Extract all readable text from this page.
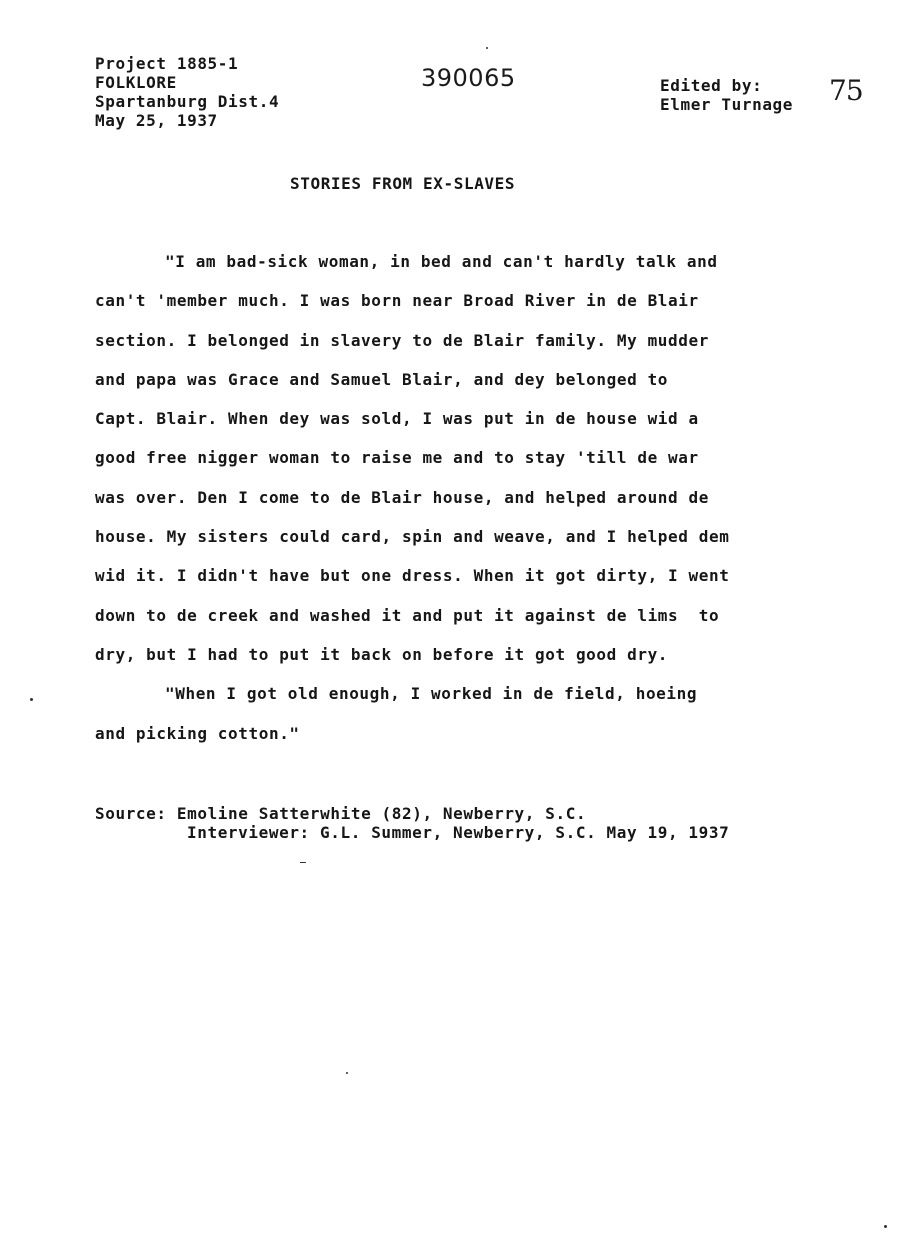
Project 1885-1
FOLKLORE
Spartanburg Dist.4
May 25, 1937
390065	Edited by:
Elmer Turnage 75
STORIES FROM EX-SLAVES
"I am bad-sick woman, in bed and can't hardly talk and
can't 'member much. I was born near Broad River in de Blair
section. I belonged in slavery to de Blair family. My mudder
and papa was Grace and Samuel Blair, and dey belonged to
Capt. Blair. When dey was sold, I was put in de house wid a
good free nigger woman to raise me and to stay 'till de war
was over. Den I come to de Blair house, and helped around de
house. My sisters could card, spin and weave, and I helped dem
wid it. I didn't have but one dress. When it got dirty, I went
down to de creek and washed it and put it against de lims  to
dry, but I had to put it back on before it got good dry.
"When I got old enough, I worked in de field, hoeing
and picking cotton."
Source: Emoline Satterwhite (82), Newberry, S.C.
Interviewer: G.L. Summer, Newberry, S.C. May 19, 1937
